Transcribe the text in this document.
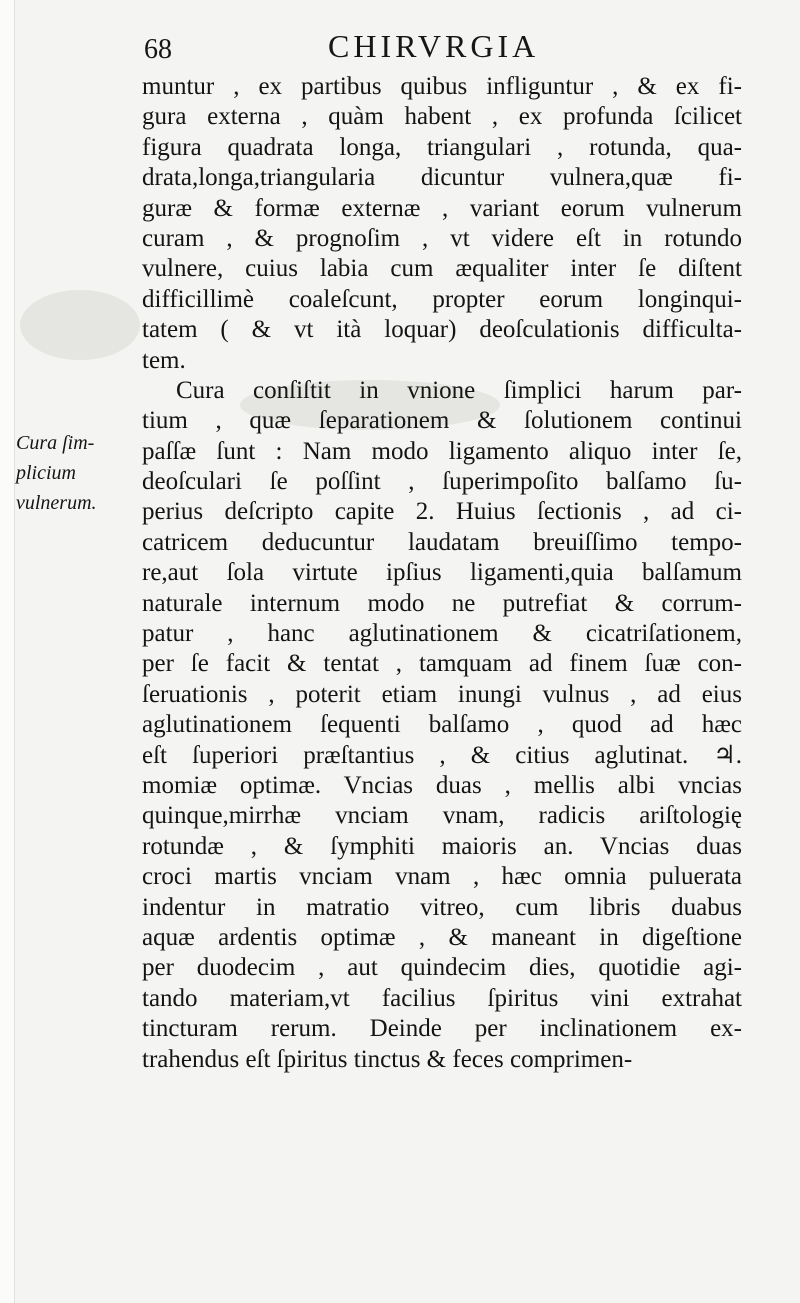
68	CHIRVRGIA
Cura ſim-
plicium
vulnerum.
muntur , ex partibus quibus infliguntur , & ex fi-
gura externa , quàm habent , ex profunda ſcilicet
figura quadrata longa, triangulari , rotunda, qua-
drata,longa,triangularia dicuntur vulnera,quæ fi-
guræ & formæ externæ , variant eorum vulnerum
curam , & prognoſim , vt videre eſt in rotundo
vulnere, cuius labia cum æqualiter inter ſe diſtent
difficillimè coaleſcunt, propter eorum longinqui-
tatem ( & vt ità loquar) deoſculationis difficulta-
tem.
Cura conſiſtit in vnione ſimplici harum par-
tium , quæ ſeparationem & ſolutionem continui
paſſæ ſunt : Nam modo ligamento aliquo inter ſe,
deoſculari ſe poſſint , ſuperimpoſito balſamo ſu-
perius deſcripto capite 2. Huius ſectionis , ad ci-
catricem deducuntur laudatam breuiſſimo tempo-
re,aut ſola virtute ipſius ligamenti,quia balſamum
naturale internum modo ne putrefiat & corrum-
patur , hanc aglutinationem & cicatriſationem,
per ſe facit & tentat , tamquam ad finem ſuæ con-
ſeruationis , poterit etiam inungi vulnus , ad eius
aglutinationem ſequenti balſamo , quod ad hæc
eſt ſuperiori præſtantius , & citius aglutinat. ♃.
momiæ optimæ. Vncias duas , mellis albi vncias
quinque,mirrhæ vnciam vnam, radicis ariſtologię
rotundæ , & ſymphiti maioris an. Vncias duas
croci martis vnciam vnam , hæc omnia puluerata
indentur in matratio vitreo, cum libris duabus
aquæ ardentis optimæ , & maneant in digeſtione
per duodecim , aut quindecim dies, quotidie agi-
tando materiam,vt facilius ſpiritus vini extrahat
tincturam rerum. Deinde per inclinationem ex-
trahendus eſt ſpiritus tinctus & feces comprimen-
